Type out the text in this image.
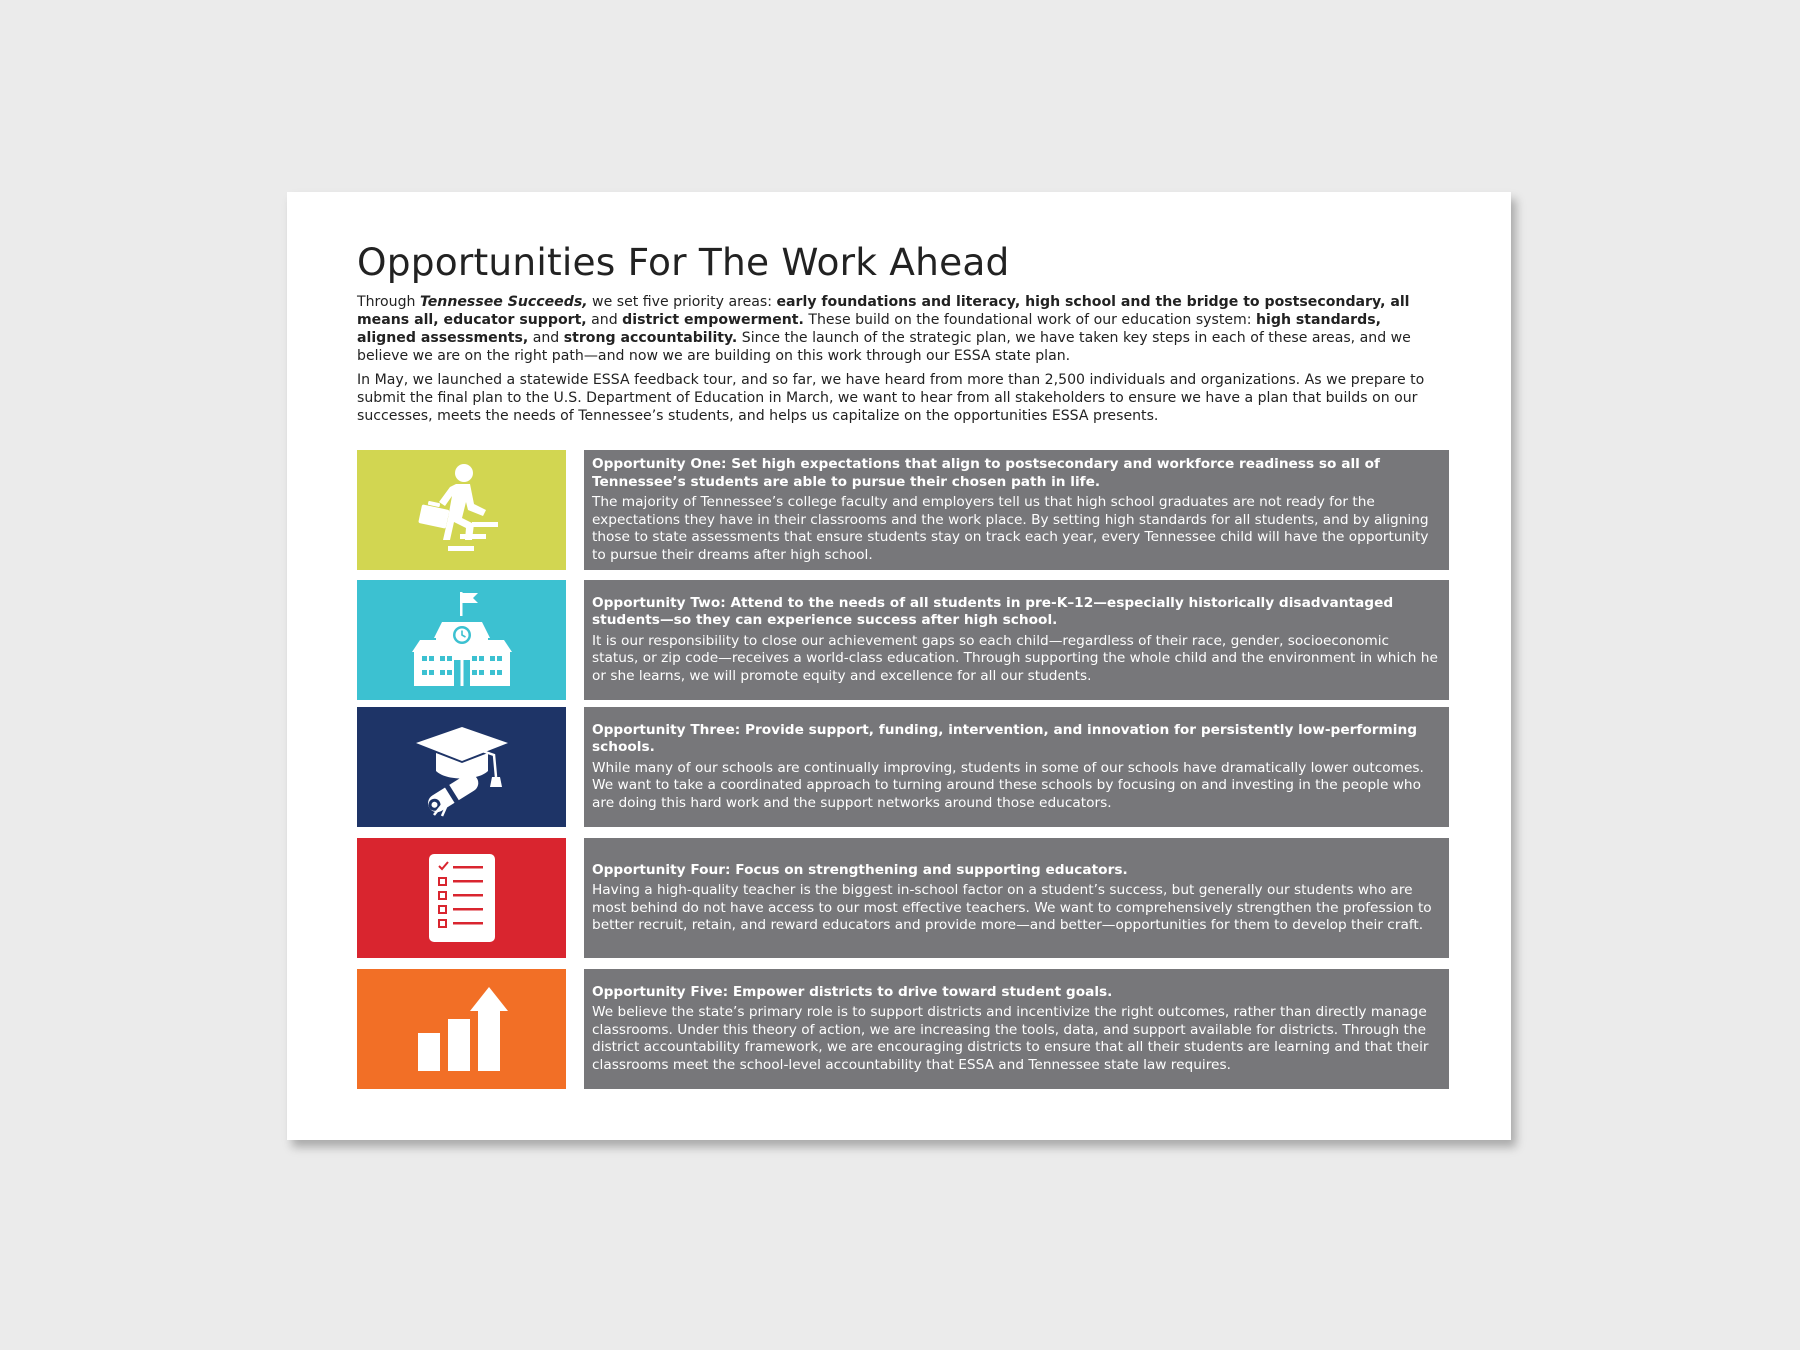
Opportunities For The Work Ahead

Through Tennessee Succeeds, we set five priority areas: early foundations and literacy, high school and the bridge to postsecondary, all means all, educator support, and district empowerment. These build on the foundational work of our education system: high standards, aligned assessments, and strong accountability. Since the launch of the strategic plan, we have taken key steps in each of these areas, and we believe we are on the right path—and now we are building on this work through our ESSA state plan.

In May, we launched a statewide ESSA feedback tour, and so far, we have heard from more than 2,500 individuals and organizations. As we prepare to submit the final plan to the U.S. Department of Education in March, we want to hear from all stakeholders to ensure we have a plan that builds on our successes, meets the needs of Tennessee’s students, and helps us capitalize on the opportunities ESSA presents.

Opportunity One: Set high expectations that align to postsecondary and workforce readiness so all of Tennessee’s students are able to pursue their chosen path in life.
The majority of Tennessee’s college faculty and employers tell us that high school graduates are not ready for the expectations they have in their classrooms and the work place. By setting high standards for all students, and by aligning those to state assessments that ensure students stay on track each year, every Tennessee child will have the opportunity to pursue their dreams after high school.
Opportunity Two: Attend to the needs of all students in pre-K–12—especially historically disadvantaged students—so they can experience success after high school.
It is our responsibility to close our achievement gaps so each child—regardless of their race, gender, socioeconomic status, or zip code—receives a world-class education. Through supporting the whole child and the environment in which he or she learns, we will promote equity and excellence for all our students.
Opportunity Three: Provide support, funding, intervention, and innovation for persistently low-performing schools.
While many of our schools are continually improving, students in some of our schools have dramatically lower outcomes. We want to take a coordinated approach to turning around these schools by focusing on and investing in the people who are doing this hard work and the support networks around those educators.
Opportunity Four: Focus on strengthening and supporting educators.
Having a high-quality teacher is the biggest in-school factor on a student’s success, but generally our students who are most behind do not have access to our most effective teachers. We want to comprehensively strengthen the profession to better recruit, retain, and reward educators and provide more—and better—opportunities for them to develop their craft.
Opportunity Five: Empower districts to drive toward student goals.
We believe the state’s primary role is to support districts and incentivize the right outcomes, rather than directly manage classrooms. Under this theory of action, we are increasing the tools, data, and support available for districts. Through the district accountability framework, we are encouraging districts to ensure that all their students are learning and that their classrooms meet the school-level accountability that ESSA and Tennessee state law requires.
